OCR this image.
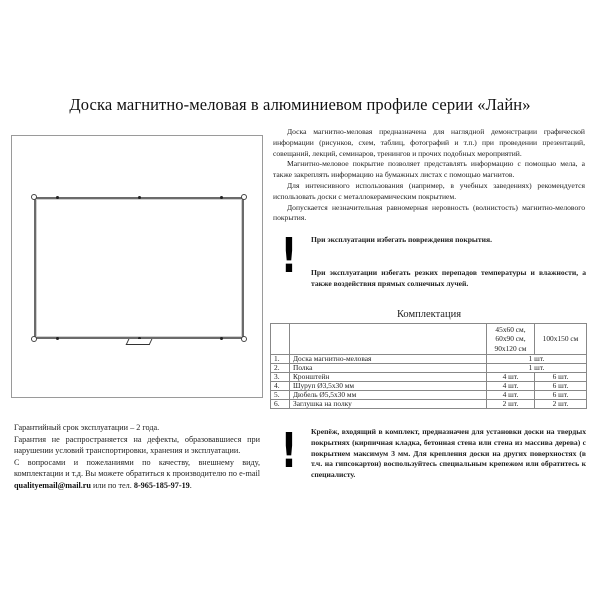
Доска магнитно-меловая в алюминиевом профиле серии «Лайн»

Доска магнитно-меловая предназначена для наглядной демонстрации графической информации (рисунков, схем, таблиц, фотографий и т.п.) при проведении презентаций, совещаний, лекций, семинаров, тренингов и прочих подобных мероприятий.

Магнитно-меловое покрытие позволяет представлять информацию с помощью мела, а также закреплять информацию на бумажных листах с помощью магнитов.

Для интенсивного использования (например, в учебных заведениях) рекомендуется использовать доски с металлокерамическим покрытием.

Допускается незначительная равномерная неровность (волнистость) магнитно-мелового покрытия.

! При эксплуатации избегать повреждения покрытия.
При эксплуатации избегать резких перепадов температуры и влажности, а также воздействия прямых солнечных лучей.
Комплектация
		45x60 см, 60x90 см, 90x120 см	100x150 см
1.	Доска магнитно-меловая	1 шт.	
2.	Полка	1 шт.	
3.	Кронштейн	4 шт.	6 шт.
4.	Шуруп Ø3,5x30 мм	4 шт.	6 шт.
5.	Дюбель Ø5,5x30 мм	4 шт.	6 шт.
6.	Заглушка на полку	2 шт.	2 шт.
! Крепёж, входящий в комплект, предназначен для установки доски на твердых покрытиях (кирпичная кладка, бетонная стена или стена из массива дерева) с покрытием максимум 3 мм. Для крепления доски на других поверхностях (в т.ч. на гипсокартон) воспользуйтесь специальным крепежом или обратитесь к специалисту.

Гарантийный срок эксплуатации – 2 года.

Гарантия не распространяется на дефекты, образовавшиеся при нарушении условий транспортировки, хранения и эксплуатации.

С вопросами и пожеланиями по качеству, внешнему виду, комплектации и т.д. Вы можете обратиться к производителю по e-mail qualityemail@mail.ru или по тел. 8-965-185-97-19.
